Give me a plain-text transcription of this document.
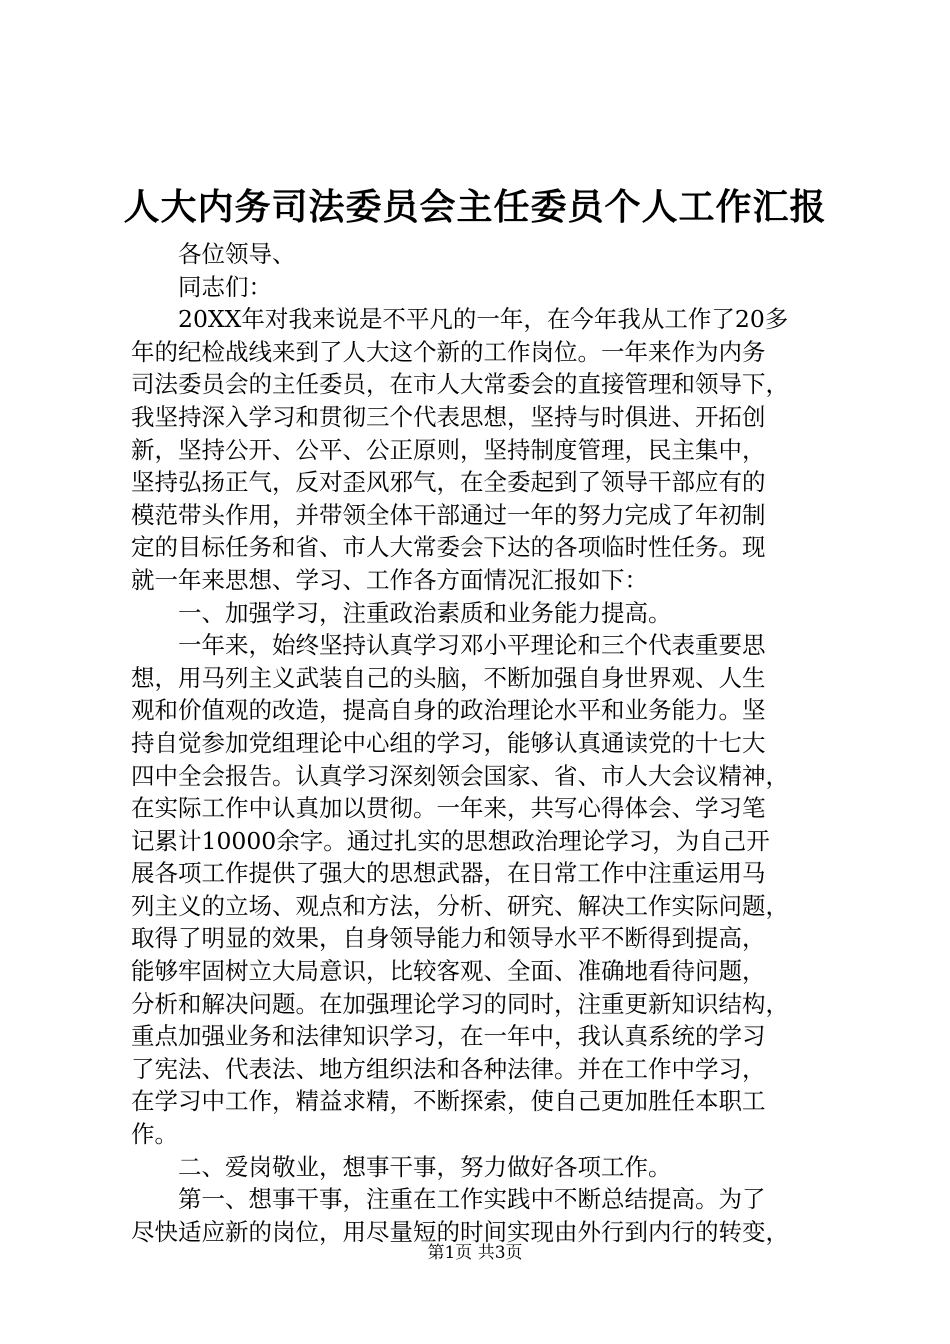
人大内务司法委员会主任委员个人工作汇报
　　各位领导、
　　同志们：
　　20XX年对我来说是不平凡的一年，在今年我从工作了20多
年的纪检战线来到了人大这个新的工作岗位。一年来作为内务
司法委员会的主任委员，在市人大常委会的直接管理和领导下，
我坚持深入学习和贯彻三个代表思想，坚持与时俱进、开拓创
新，坚持公开、公平、公正原则，坚持制度管理，民主集中，
坚持弘扬正气，反对歪风邪气，在全委起到了领导干部应有的
模范带头作用，并带领全体干部通过一年的努力完成了年初制
定的目标任务和省、市人大常委会下达的各项临时性任务。现
就一年来思想、学习、工作各方面情况汇报如下：
　　一、加强学习，注重政治素质和业务能力提高。
　　一年来，始终坚持认真学习邓小平理论和三个代表重要思
想，用马列主义武装自己的头脑，不断加强自身世界观、人生
观和价值观的改造，提高自身的政治理论水平和业务能力。坚
持自觉参加党组理论中心组的学习，能够认真通读党的十七大
四中全会报告。认真学习深刻领会国家、省、市人大会议精神，
在实际工作中认真加以贯彻。一年来，共写心得体会、学习笔
记累计10000余字。通过扎实的思想政治理论学习，为自己开
展各项工作提供了强大的思想武器，在日常工作中注重运用马
列主义的立场、观点和方法，分析、研究、解决工作实际问题，
取得了明显的效果，自身领导能力和领导水平不断得到提高，
能够牢固树立大局意识，比较客观、全面、准确地看待问题，
分析和解决问题。在加强理论学习的同时，注重更新知识结构，
重点加强业务和法律知识学习，在一年中，我认真系统的学习
了宪法、代表法、地方组织法和各种法律。并在工作中学习，
在学习中工作，精益求精，不断探索，使自己更加胜任本职工
作。
　　二、爱岗敬业，想事干事，努力做好各项工作。
　　第一、想事干事，注重在工作实践中不断总结提高。为了
尽快适应新的岗位，用尽量短的时间实现由外行到内行的转变，
第1页 共3页
